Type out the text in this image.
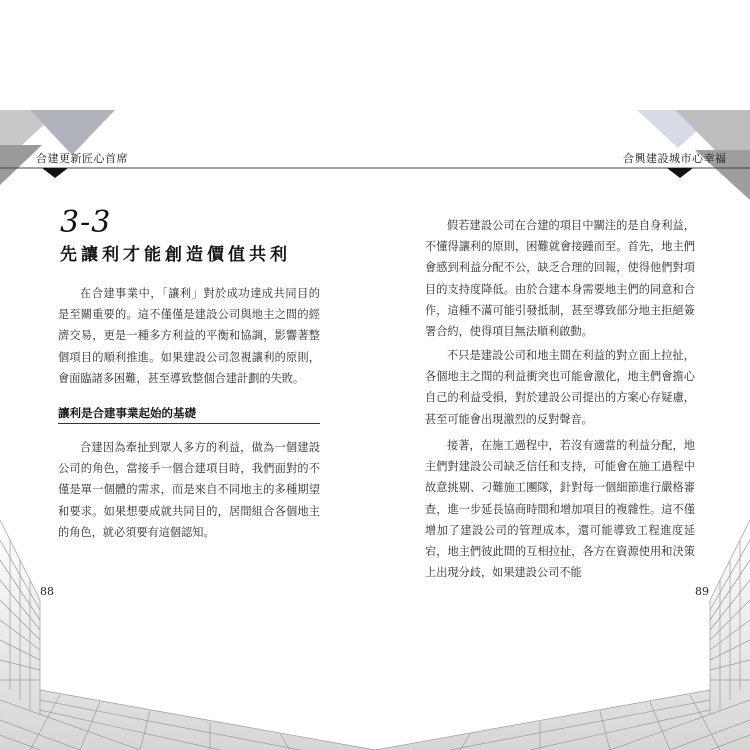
合建更新匠心首席
3-3
先讓利才能創造價值共利

在合建事業中，「讓利」對於成功達成共同目的是至關重要的。這不僅僅是建設公司與地主之間的經濟交易，更是一種多方利益的平衡和協調，影響著整個項目的順利推進。如果建設公司忽視讓利的原則，會面臨諸多困難，甚至導致整個合建計劃的失敗。

讓利是合建事業起始的基礎

合建因為牽扯到眾人多方的利益，做為一個建設公司的角色，當接手一個合建項目時，我們面對的不僅是單一個體的需求，而是來自不同地主的多種期望和要求。如果想要成就共同目的，居間組合各個地主的角色，就必須要有這個認知。

88

假若建設公司在合建的項目中關注的是自身利益，不懂得讓利的原則，困難就會接踵而至。首先，地主們會感到利益分配不公，缺乏合理的回報，使得他們對項目的支持度降低。由於合建本身需要地主們的同意和合作，這種不滿可能引發抵制，甚至導致部分地主拒絕簽署合約，使得項目無法順利啟動。

不只是建設公司和地主間在利益的對立面上拉扯，各個地主之間的利益衝突也可能會激化，地主們會擔心自己的利益受損，對於建設公司提出的方案心存疑慮，甚至可能會出現激烈的反對聲音。

接著，在施工過程中，若沒有適當的利益分配，地主們對建設公司缺乏信任和支持，可能會在施工過程中故意挑剔、刁難施工團隊，針對每一個細節進行嚴格審查，進一步延長協商時間和增加項目的複雜性。這不僅增加了建設公司的管理成本，還可能導致工程進度延宕，地主們彼此間的互相拉扯，各方在資源使用和決策上出現分歧，如果建設公司不能

合興建設城市心幸福
89
